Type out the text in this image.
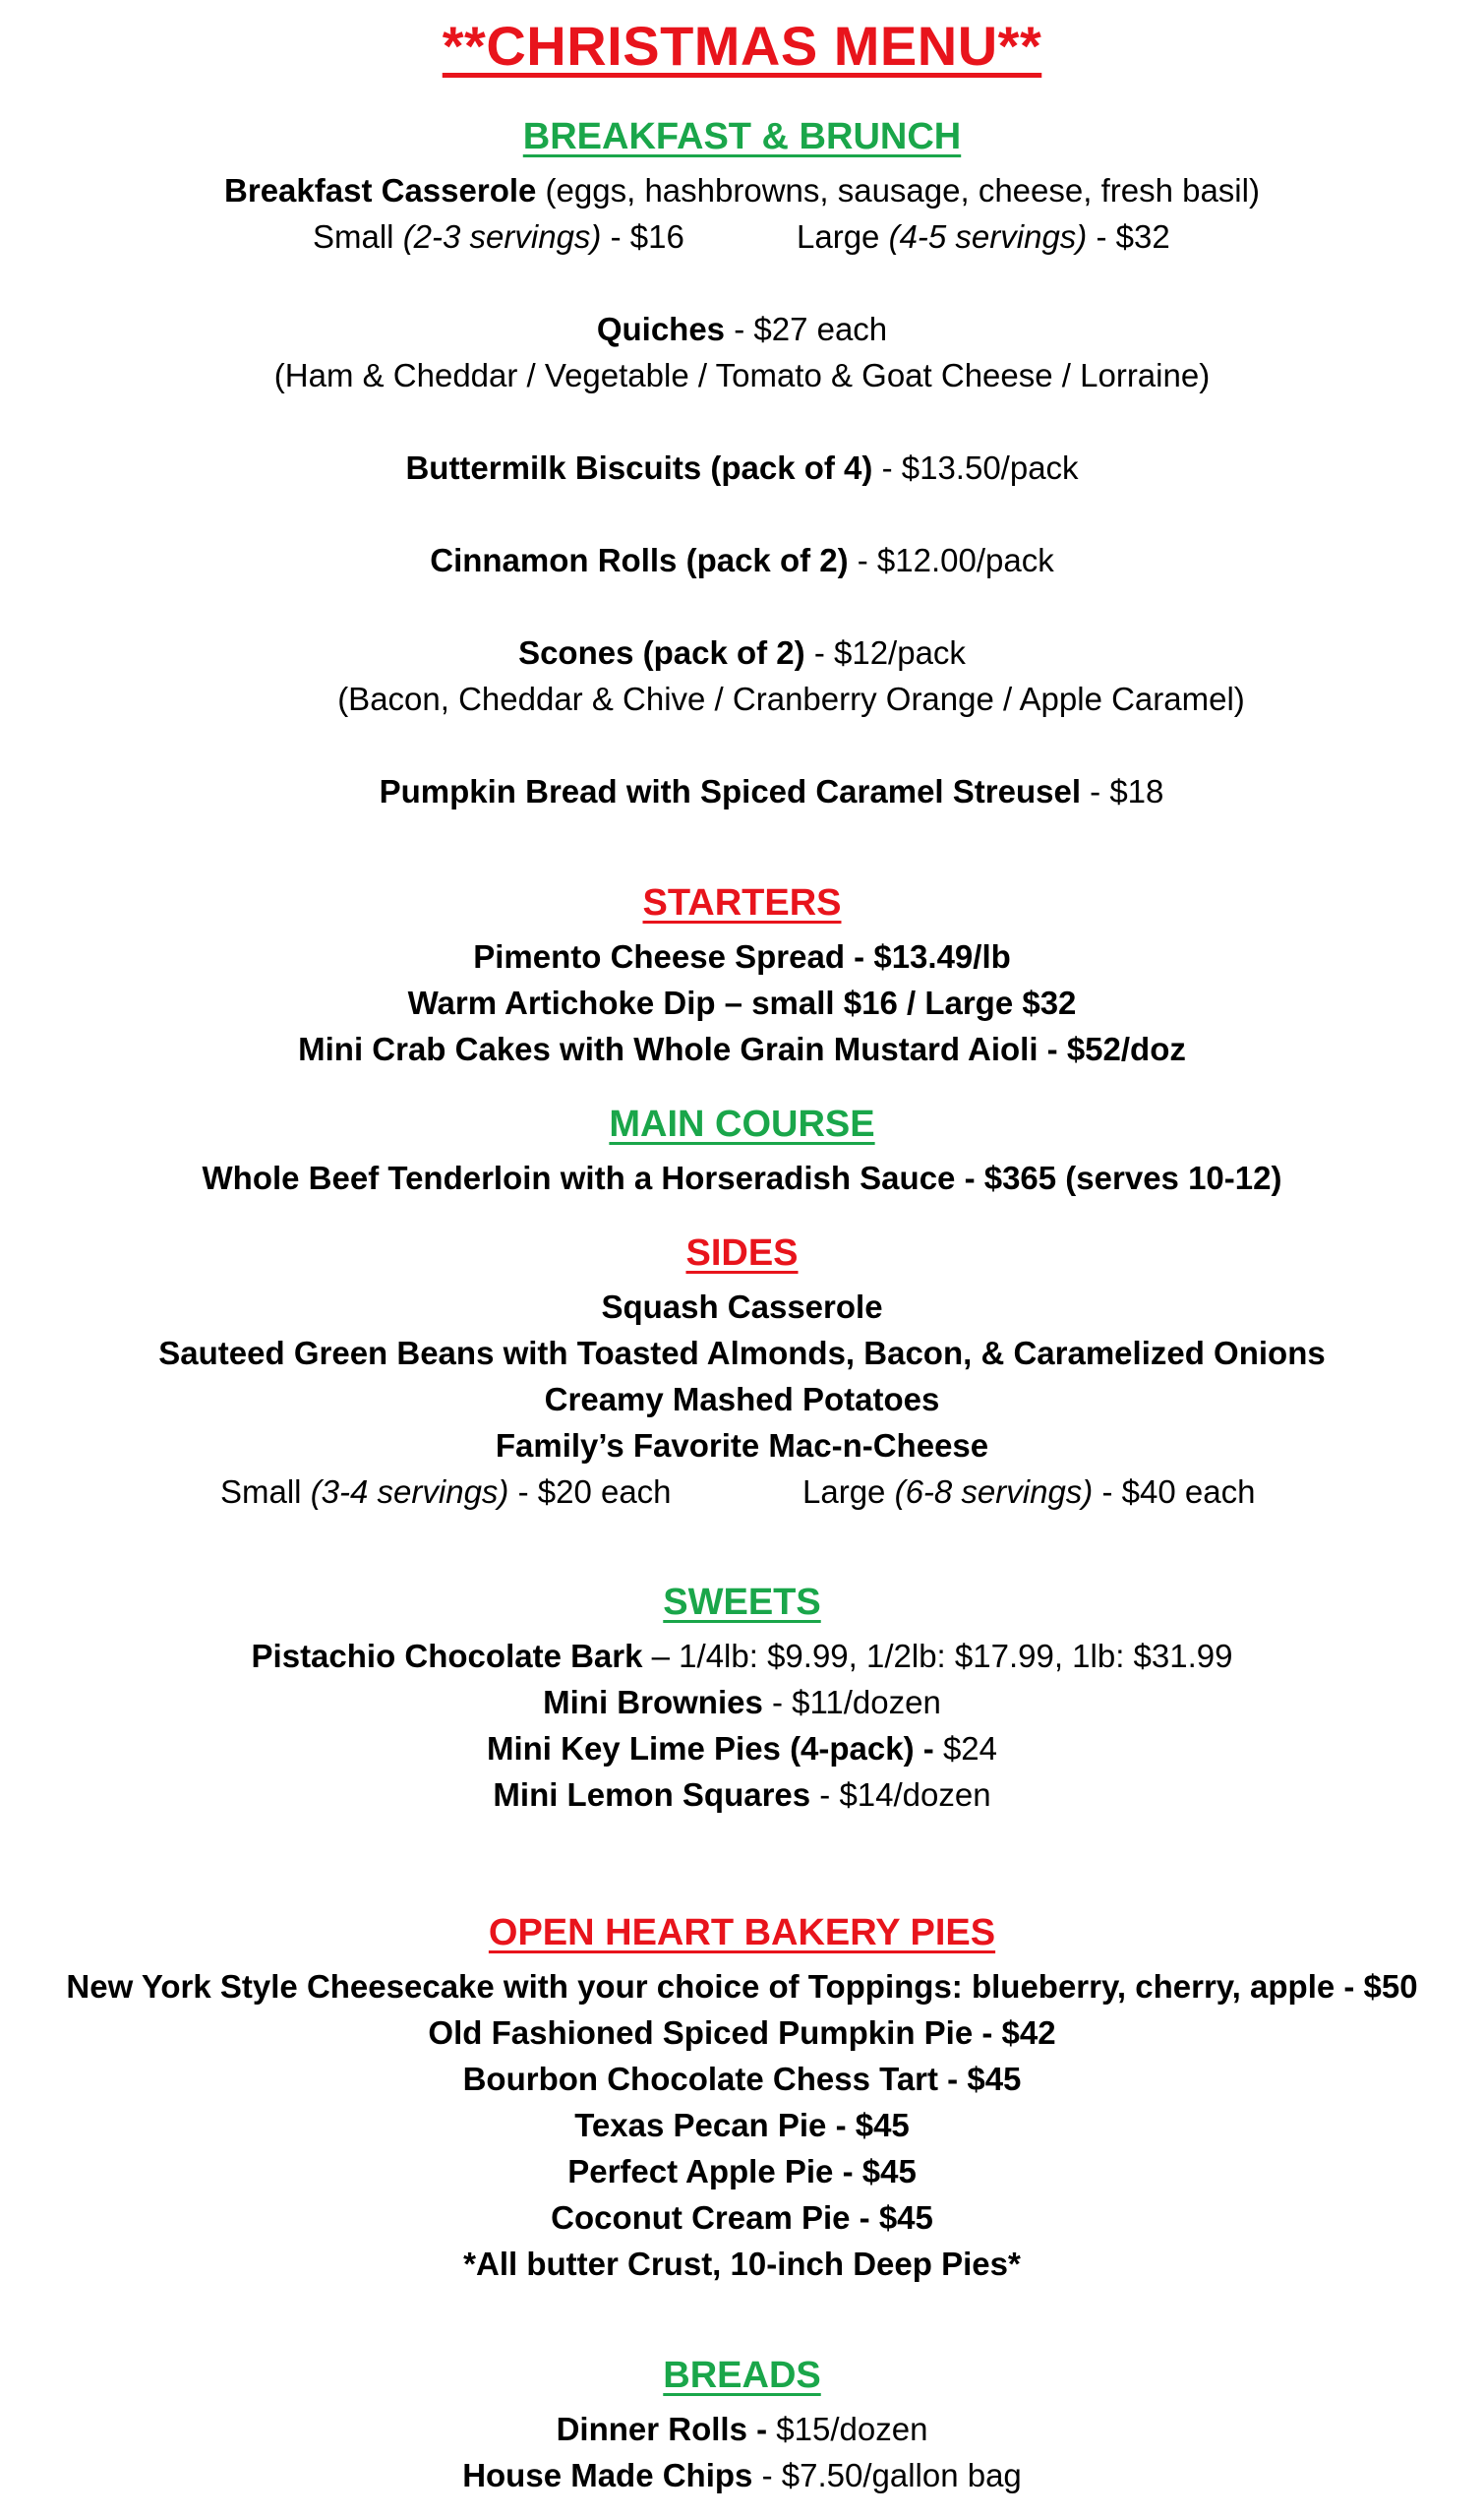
**CHRISTMAS MENU**
BREAKFAST & BRUNCH
Breakfast Casserole (eggs, hashbrowns, sausage, cheese, fresh basil)
Small (2-3 servings) - $16	Large (4-5 servings) - $32
Quiches - $27 each
(Ham & Cheddar / Vegetable / Tomato & Goat Cheese / Lorraine)
Buttermilk Biscuits (pack of 4) - $13.50/pack
Cinnamon Rolls (pack of 2) - $12.00/pack
Scones (pack of 2) - $12/pack
(Bacon, Cheddar & Chive / Cranberry Orange / Apple Caramel)
Pumpkin Bread with Spiced Caramel Streusel - $18
STARTERS
Pimento Cheese Spread - $13.49/lb
Warm Artichoke Dip – small $16 / Large $32
Mini Crab Cakes with Whole Grain Mustard Aioli - $52/doz
MAIN COURSE
Whole Beef Tenderloin with a Horseradish Sauce - $365 (serves 10-12)
SIDES
Squash Casserole
Sauteed Green Beans with Toasted Almonds, Bacon, & Caramelized Onions
Creamy Mashed Potatoes
Family’s Favorite Mac-n-Cheese
Small (3-4 servings) - $20 each	Large (6-8 servings) - $40 each
SWEETS
Pistachio Chocolate Bark – 1/4lb: $9.99, 1/2lb: $17.99, 1lb: $31.99
Mini Brownies - $11/dozen
Mini Key Lime Pies (4-pack) - $24
Mini Lemon Squares - $14/dozen
OPEN HEART BAKERY PIES
New York Style Cheesecake with your choice of Toppings: blueberry, cherry, apple - $50
Old Fashioned Spiced Pumpkin Pie - $42
Bourbon Chocolate Chess Tart - $45
Texas Pecan Pie - $45
Perfect Apple Pie - $45
Coconut Cream Pie - $45
*All butter Crust, 10-inch Deep Pies*
BREADS
Dinner Rolls - $15/dozen
House Made Chips - $7.50/gallon bag
